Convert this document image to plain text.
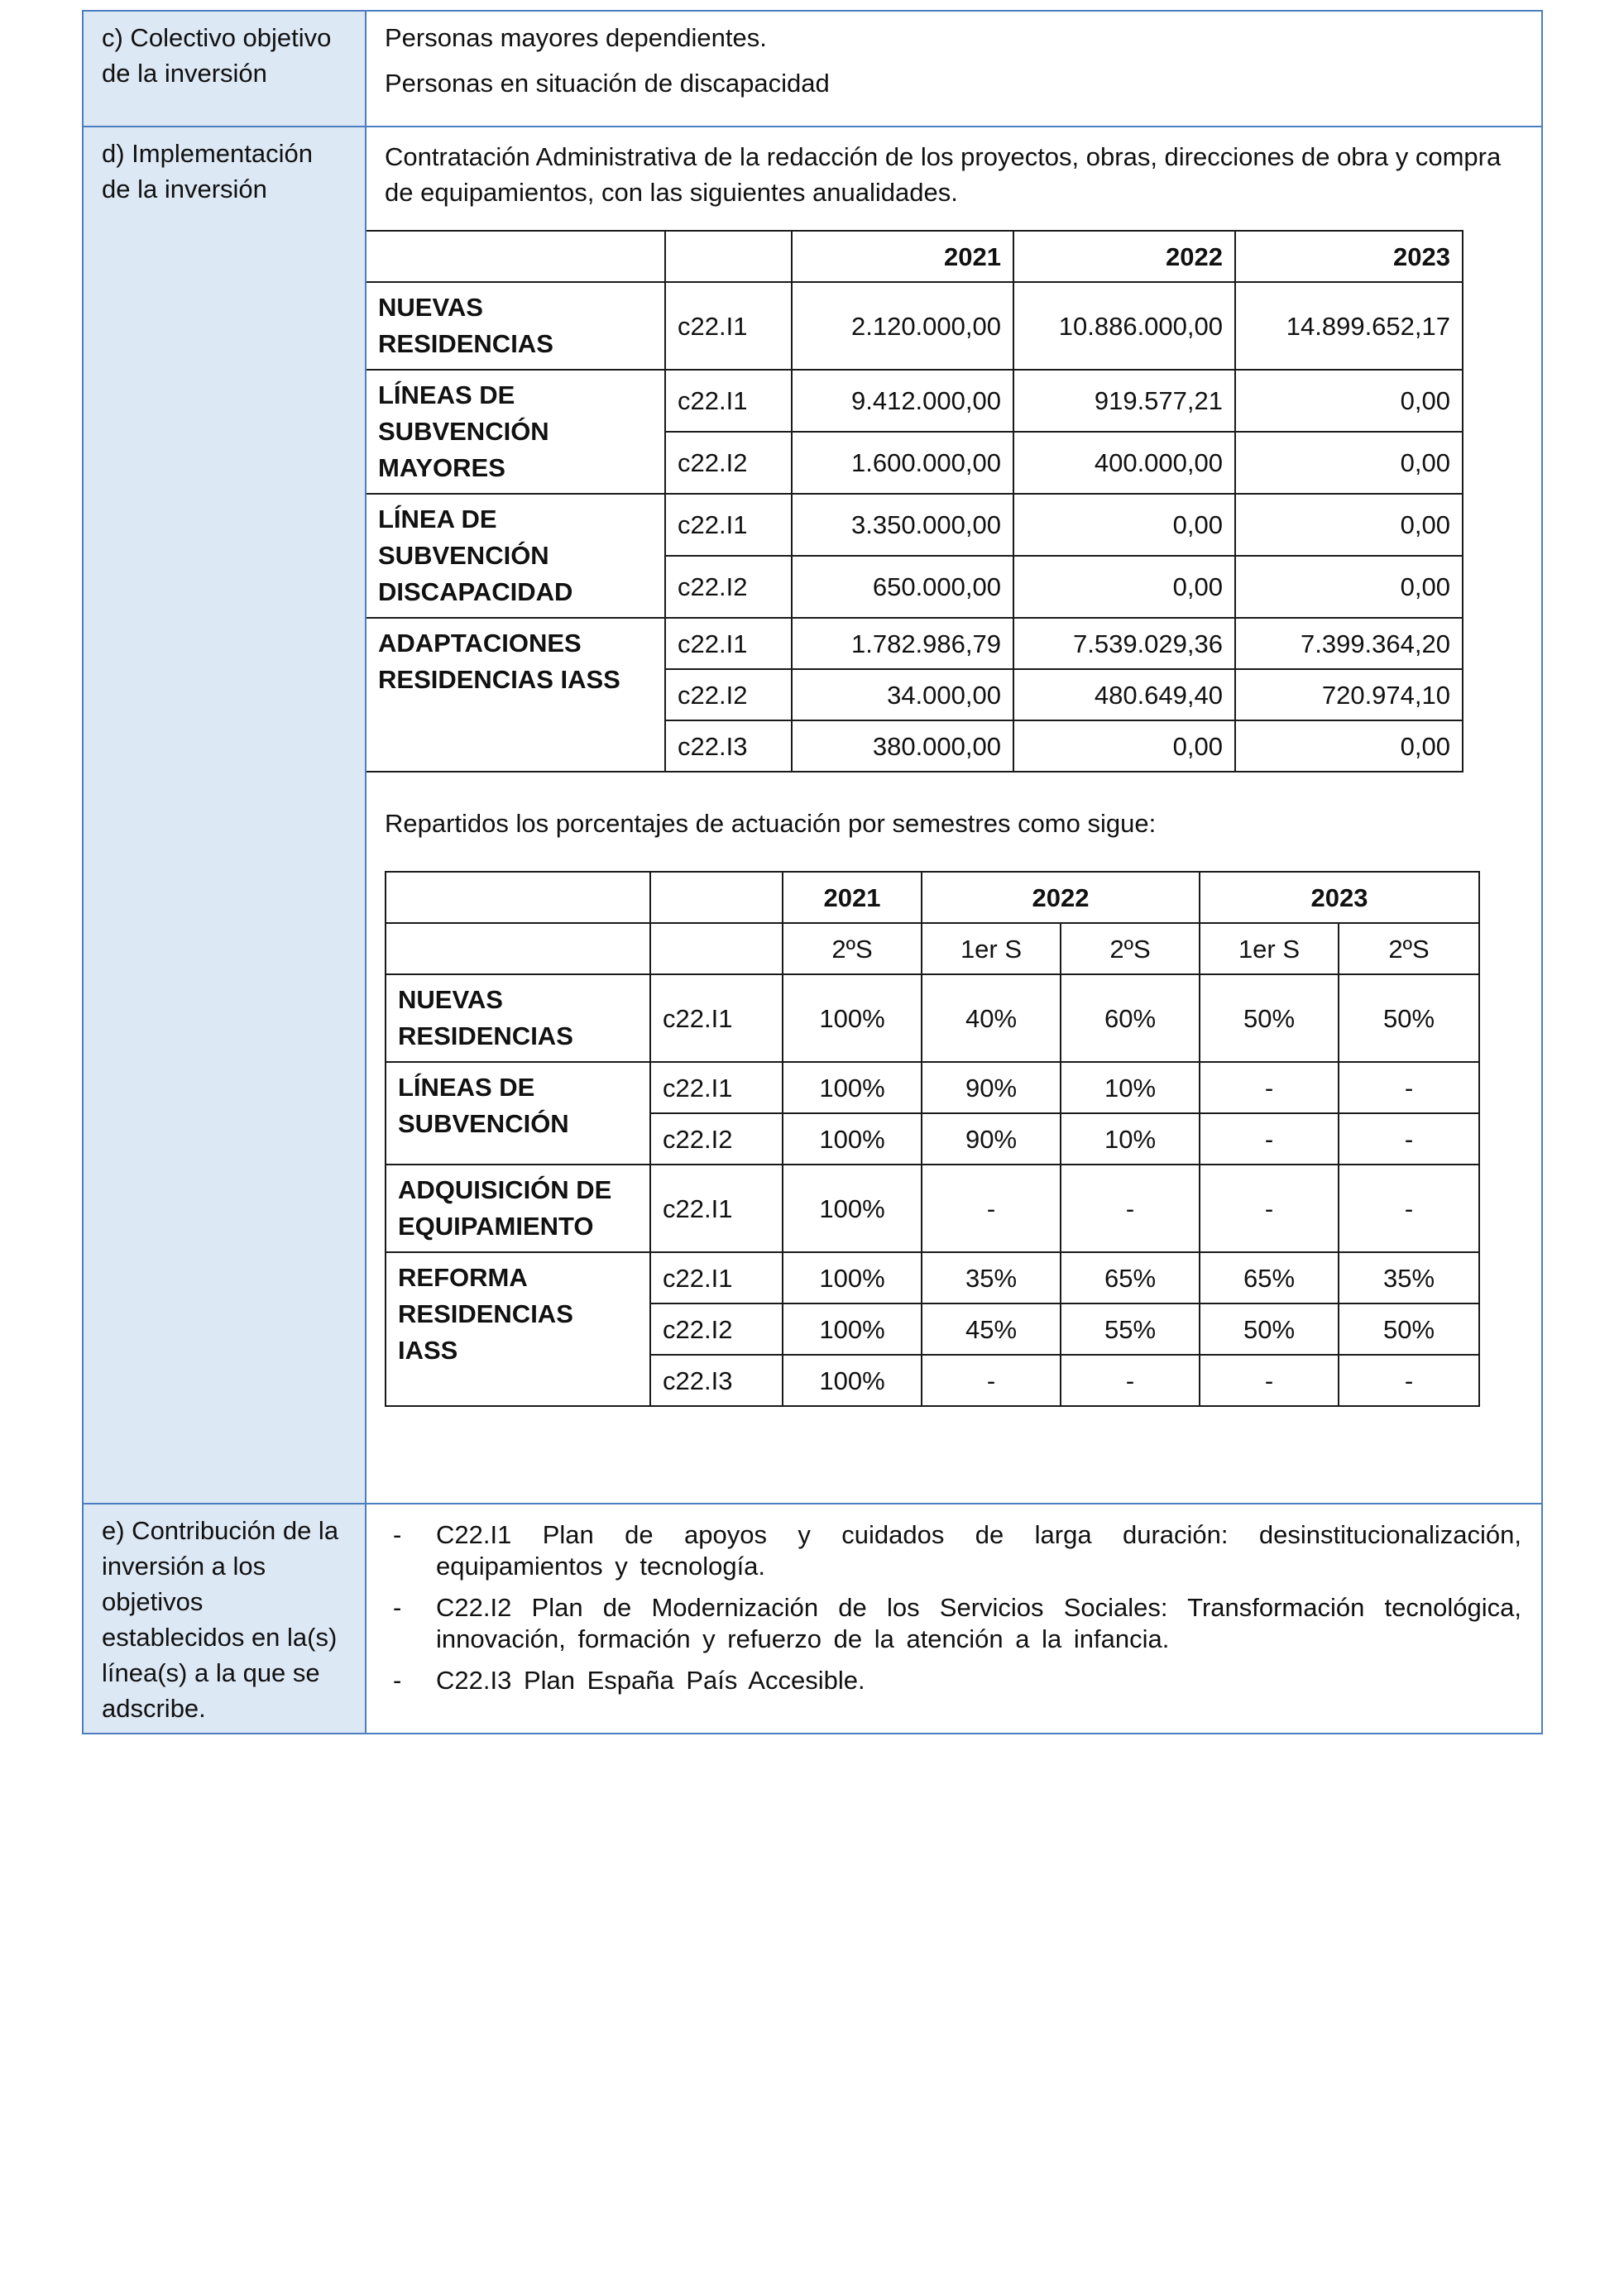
c) Colectivo objetivo de la inversión	

Personas mayores dependientes.

Personas en situación de discapacidad

d) Implementación de la inversión	

Contratación Administrativa de la redacción de los proyectos, obras, direcciones de obra y compra de equipamientos, con las siguientes anualidades.

		2021	2022	2023
NUEVAS RESIDENCIAS	c22.I1	2.120.000,00	10.886.000,00	14.899.652,17
LÍNEAS DE SUBVENCIÓN MAYORES	c22.I1	9.412.000,00	919.577,21	0,00
c22.I2	1.600.000,00	400.000,00	0,00
LÍNEA DE SUBVENCIÓN DISCAPACIDAD	c22.I1	3.350.000,00	0,00	0,00
c22.I2	650.000,00	0,00	0,00
ADAPTACIONES RESIDENCIAS IASS	c22.I1	1.782.986,79	7.539.029,36	7.399.364,20
c22.I2	34.000,00	480.649,40	720.974,10
c22.I3	380.000,00	0,00	0,00

Repartidos los porcentajes de actuación por semestres como sigue:

		2021	2022	2023
		2ºS	1er S	2ºS	1er S	2ºS
NUEVAS RESIDENCIAS	c22.I1	100%	40%	60%	50%	50%
LÍNEAS DE SUBVENCIÓN	c22.I1	100%	90%	10%	-	-
c22.I2	100%	90%	10%	-	-
ADQUISICIÓN DE EQUIPAMIENTO	c22.I1	100%	-	-	-	-
REFORMA RESIDENCIAS IASS	c22.I1	100%	35%	65%	65%	35%
c22.I2	100%	45%	55%	50%	50%
c22.I3	100%	-	-	-	-

e) Contribución de la inversión a los objetivos establecidos en la(s) línea(s) a la que se adscribe.	
- C22.I1 Plan de apoyos y cuidados de larga duración: desinstitucionalización, equipamientos y tecnología.
- C22.I2 Plan de Modernización de los Servicios Sociales: Transformación tecnológica, innovación, formación y refuerzo de la atención a la infancia.
- C22.I3 Plan España País Accesible.
